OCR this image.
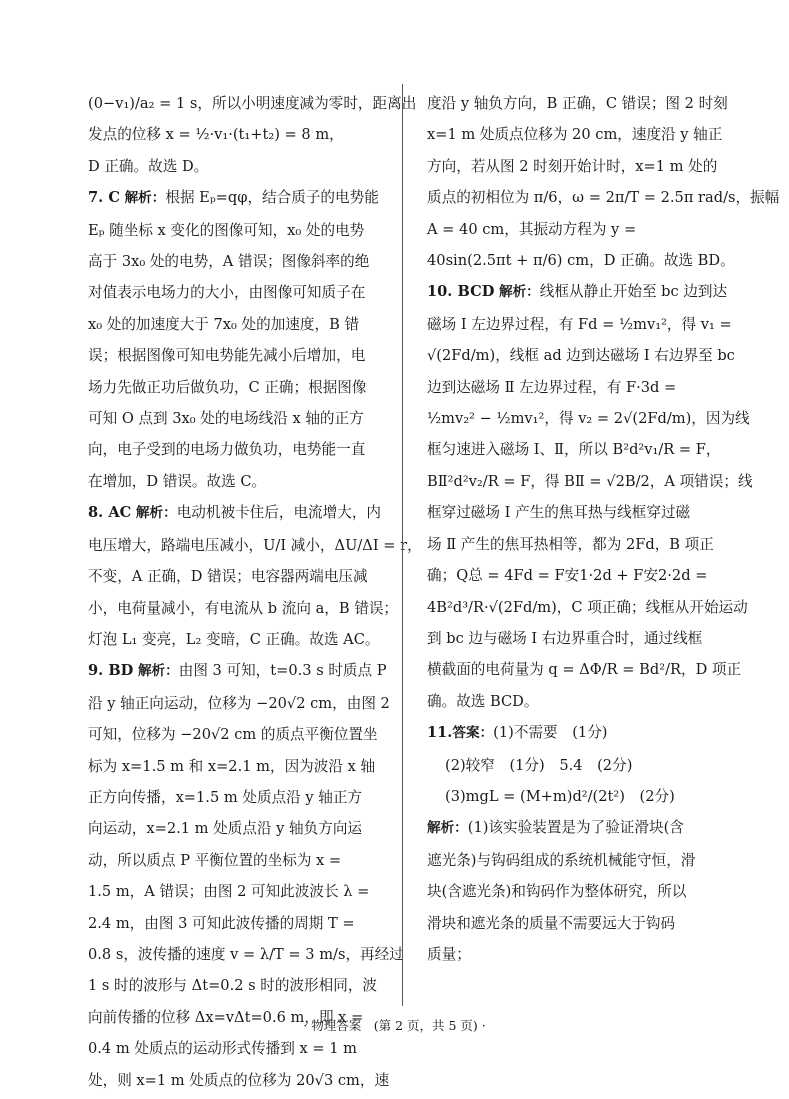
(0−v₁)/a₂ = 1 s，所以小明速度减为零时，距离出
发点的位移 x = ½·v₁·(t₁+t₂) = 8 m，
D 正确。故选 D。
7. C 解析：根据 Eₚ=qφ，结合质子的电势能
Eₚ 随坐标 x 变化的图像可知，x₀ 处的电势
高于 3x₀ 处的电势，A 错误；图像斜率的绝
对值表示电场力的大小，由图像可知质子在
x₀ 处的加速度大于 7x₀ 处的加速度，B 错
误；根据图像可知电势能先减小后增加，电
场力先做正功后做负功，C 正确；根据图像
可知 O 点到 3x₀ 处的电场线沿 x 轴的正方
向，电子受到的电场力做负功，电势能一直
在增加，D 错误。故选 C。
8. AC 解析：电动机被卡住后，电流增大，内
电压增大，路端电压减小，U/I 减小，ΔU/ΔI = r，
不变，A 正确，D 错误；电容器两端电压减
小，电荷量减小，有电流从 b 流向 a，B 错误；
灯泡 L₁ 变亮，L₂ 变暗，C 正确。故选 AC。
9. BD 解析：由图 3 可知，t=0.3 s 时质点 P
沿 y 轴正向运动，位移为 −20√2 cm，由图 2
可知，位移为 −20√2 cm 的质点平衡位置坐
标为 x=1.5 m 和 x=2.1 m，因为波沿 x 轴
正方向传播，x=1.5 m 处质点沿 y 轴正方
向运动，x=2.1 m 处质点沿 y 轴负方向运
动，所以质点 P 平衡位置的坐标为 x =
1.5 m，A 错误；由图 2 可知此波波长 λ =
2.4 m，由图 3 可知此波传播的周期 T =
0.8 s，波传播的速度 v = λ/T = 3 m/s，再经过
1 s 时的波形与 Δt=0.2 s 时的波形相同，波
向前传播的位移 Δx=vΔt=0.6 m，即 x =
0.4 m 处质点的运动形式传播到 x = 1 m
处，则 x=1 m 处质点的位移为 20√3 cm，速
度沿 y 轴负方向，B 正确，C 错误；图 2 时刻
x=1 m 处质点位移为 20 cm，速度沿 y 轴正
方向，若从图 2 时刻开始计时，x=1 m 处的
质点的初相位为 π/6，ω = 2π/T = 2.5π rad/s，振幅
A = 40 cm，其振动方程为 y =
40sin(2.5πt + π/6) cm，D 正确。故选 BD。
10. BCD 解析：线框从静止开始至 bc 边到达
磁场 Ⅰ 左边界过程，有 Fd = ½mv₁²，得 v₁ =
√(2Fd/m)，线框 ad 边到达磁场 Ⅰ 右边界至 bc
边到达磁场 Ⅱ 左边界过程，有 F·3d =
½mv₂² − ½mv₁²，得 v₂ = 2√(2Fd/m)，因为线
框匀速进入磁场 Ⅰ、Ⅱ，所以 B²d²v₁/R = F，
BⅡ²d²v₂/R = F，得 BⅡ = √2B/2，A 项错误；线
框穿过磁场 Ⅰ 产生的焦耳热与线框穿过磁
场 Ⅱ 产生的焦耳热相等，都为 2Fd，B 项正
确；Q总 = 4Fd = F安1·2d + F安2·2d =
4B²d³/R·√(2Fd/m)，C 项正确；线框从开始运动
到 bc 边与磁场 Ⅰ 右边界重合时，通过线框
横截面的电荷量为 q = ΔΦ/R = Bd²/R，D 项正
确。故选 BCD。
11.答案：(1)不需要　(1分)
(2)较窄　(1分)　5.4　(2分)
(3)mgL = (M+m)d²/(2t²)　(2分)
解析：(1)该实验装置是为了验证滑块(含
遮光条)与钩码组成的系统机械能守恒，滑
块(含遮光条)和钩码作为整体研究，所以
滑块和遮光条的质量不需要远大于钩码
质量；
· 物理答案　(第 2 页，共 5 页) ·
